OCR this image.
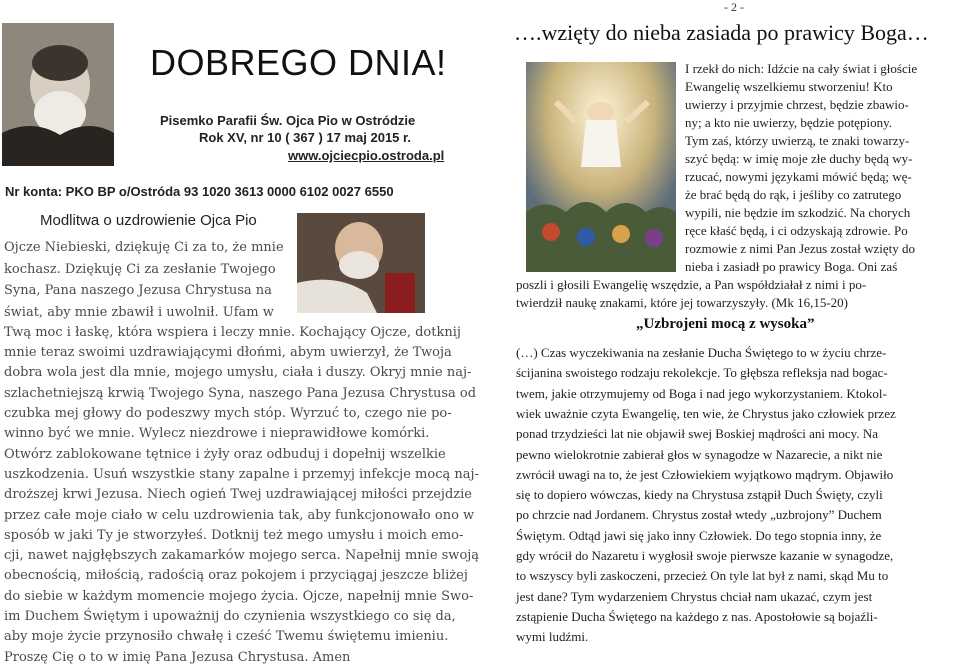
DOBREGO DNIA!
Pisemko Parafii Św. Ojca Pio w Ostródzie
Rok XV, nr 10 ( 367 ) 17 maj 2015 r.
www.ojciecpio.ostroda.pl
Nr konta: PKO BP o/Ostróda 93 1020 3613 0000 6102 0027 6550
Modlitwa o uzdrowienie Ojca Pio
Ojcze Niebieski, dziękuję Ci za to, że mnie
kochasz. Dziękuję Ci za zesłanie Twojego
Syna, Pana naszego Jezusa Chrystusa na
świat, aby mnie zbawił i uwolnił. Ufam w
Twą moc i łaskę, która wspiera i leczy mnie. Kochający Ojcze, dotknij
mnie teraz swoimi uzdrawiającymi dłońmi, abym uwierzył, że Twoja
dobra wola jest dla mnie, mojego umysłu, ciała i duszy. Okryj mnie naj-
szlachetniejszą krwią Twojego Syna, naszego Pana Jezusa Chrystusa od
czubka mej głowy do podeszwy mych stóp. Wyrzuć to, czego nie po-
winno być we mnie. Wylecz niezdrowe i nieprawidłowe komórki.
Otwórz zablokowane tętnice i żyły oraz odbuduj i dopełnij wszelkie
uszkodzenia. Usuń wszystkie stany zapalne i przemyj infekcje mocą naj-
droższej krwi Jezusa. Niech ogień Twej uzdrawiającej miłości przejdzie
przez całe moje ciało w celu uzdrowienia tak, aby funkcjonowało ono w
sposób w jaki Ty je stworzyłeś. Dotknij też mego umysłu i moich emo-
cji, nawet najgłębszych zakamarków mojego serca. Napełnij mnie swoją
obecnością, miłością, radością oraz pokojem i przyciągaj jeszcze bliżej
do siebie w każdym momencie mojego życia. Ojcze, napełnij mnie Swo-
im Duchem Świętym i upoważnij do czynienia wszystkiego co się da,
aby moje życie przynosiło chwałę i cześć Twemu świętemu imieniu.
Proszę Cię o to w imię Pana Jezusa Chrystusa. Amen
- 2 -
….wzięty do nieba zasiada po prawicy Boga…
I rzekł do nich: Idźcie na cały świat i głoście
Ewangelię wszelkiemu stworzeniu! Kto
uwierzy i przyjmie chrzest, będzie zbawio-
ny; a kto nie uwierzy, będzie potępiony.
Tym zaś, którzy uwierzą, te znaki towarzy-
szyć będą: w imię moje złe duchy będą wy-
rzucać, nowymi językami mówić będą; wę-
że brać będą do rąk, i jeśliby co zatrutego
wypili, nie będzie im szkodzić. Na chorych
ręce kłaść będą, i ci odzyskają zdrowie. Po
rozmowie z nimi Pan Jezus został wzięty do
nieba i zasiadł po prawicy Boga. Oni zaś
poszli i głosili Ewangelię wszędzie, a Pan współdziałał z nimi i po-
twierdził naukę znakami, które jej towarzyszyły. (Mk 16,15-20)
„Uzbrojeni mocą z wysoka”
(…) Czas wyczekiwania na zesłanie Ducha Świętego to w życiu chrze-
ścijanina swoistego rodzaju rekolekcje. To głębsza refleksja nad bogac-
twem, jakie otrzymujemy od Boga i nad jego wykorzystaniem. Ktokol-
wiek uważnie czyta Ewangelię, ten wie, że Chrystus jako człowiek przez
ponad trzydzieści lat nie objawił swej Boskiej mądrości ani mocy. Na
pewno wielokrotnie zabierał głos w synagodze w Nazarecie, a nikt nie
zwrócił uwagi na to, że jest Człowiekiem wyjątkowo mądrym. Objawiło
się to dopiero wówczas, kiedy na Chrystusa zstąpił Duch Święty, czyli
po chrzcie nad Jordanem. Chrystus został wtedy „uzbrojony” Duchem
Świętym. Odtąd jawi się jako inny Człowiek. Do tego stopnia inny, że
gdy wrócił do Nazaretu i wygłosił swoje pierwsze kazanie w synagodze,
to wszyscy byli zaskoczeni, przecież On tyle lat był z nami, skąd Mu to
jest dane? Tym wydarzeniem Chrystus chciał nam ukazać, czym jest
zstąpienie Ducha Świętego na każdego z nas. Apostołowie są bojaźli-
wymi ludźmi.
